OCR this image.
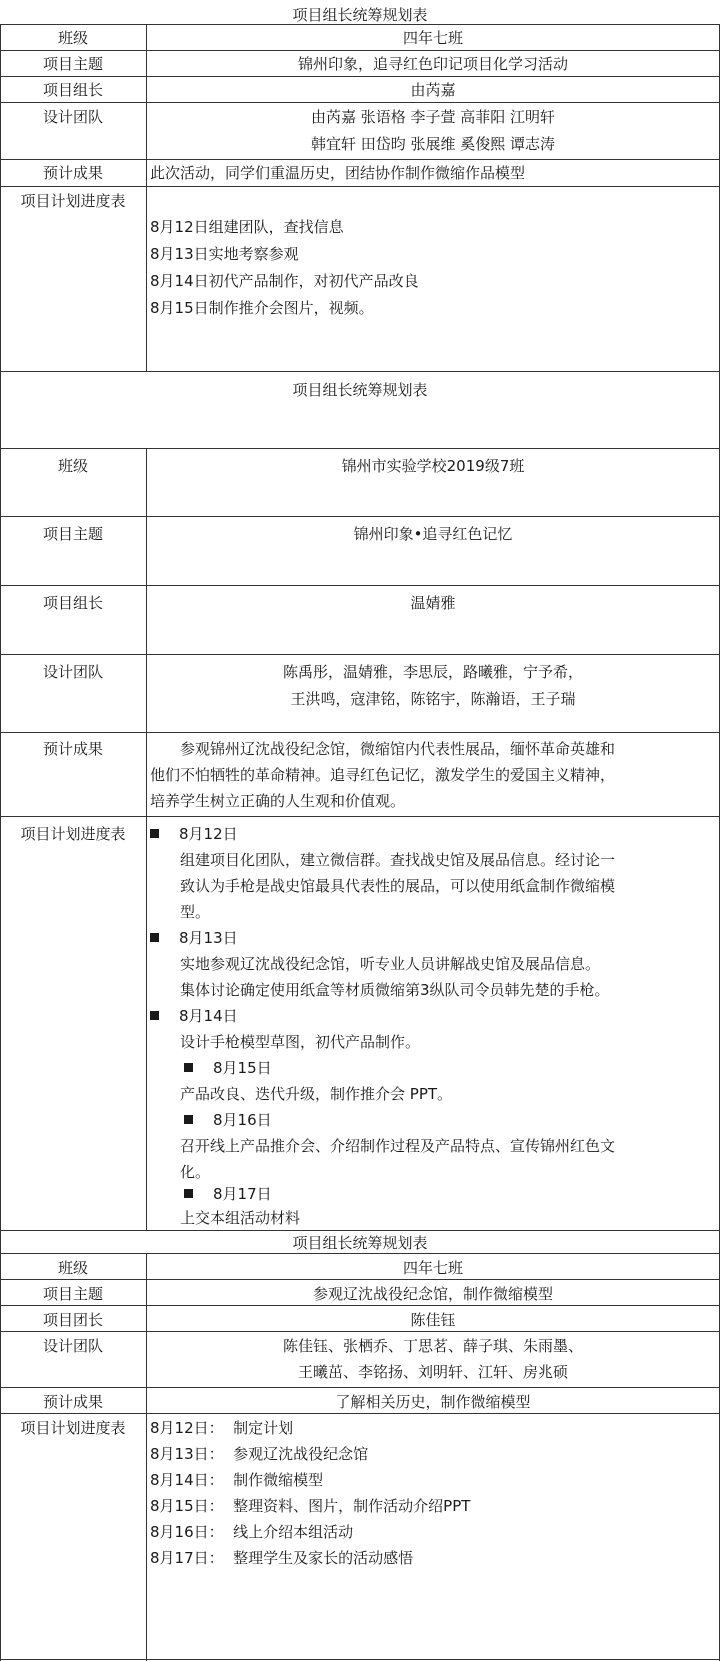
项目组长统筹规划表
班级	四年七班
项目主题	锦州印象，追寻红色印记项目化学习活动
项目组长	由芮嘉
设计团队	由芮嘉 张语格 李子萱 高菲阳 江明轩
韩宜轩 田岱昀 张展维 奚俊熙 谭志涛
预计成果	此次活动，同学们重温历史，团结协作制作微缩作品模型
项目计划进度表
8月12日组建团队，查找信息
8月13日实地考察参观
8月14日初代产品制作，对初代产品改良
8月15日制作推介会图片，视频。
项目组长统筹规划表
班级	锦州市实验学校2019级7班
项目主题	锦州印象•追寻红色记忆
项目组长	温婧雅
设计团队	陈禹彤，温婧雅，李思辰，路曦雅，宁予希，
王洪鸣，寇津铭，陈铭宇，陈瀚语，王子瑞
预计成果	参观锦州辽沈战役纪念馆，微缩馆内代表性展品，缅怀革命英雄和
他们不怕牺牲的革命精神。追寻红色记忆，激发学生的爱国主义精神，
培养学生树立正确的人生观和价值观。
项目计划进度表	8月12日
组建项目化团队，建立微信群。查找战史馆及展品信息。经讨论一
致认为手枪是战史馆最具代表性的展品，可以使用纸盒制作微缩模
型。
8月13日
实地参观辽沈战役纪念馆，听专业人员讲解战史馆及展品信息。
集体讨论确定使用纸盒等材质微缩第3纵队司令员韩先楚的手枪。
8月14日
设计手枪模型草图，初代产品制作。
8月15日
产品改良、迭代升级，制作推介会 PPT。
8月16日
召开线上产品推介会、介绍制作过程及产品特点、宣传锦州红色文
化。
8月17日
上交本组活动材料
项目组长统筹规划表
班级	四年七班
项目主题	参观辽沈战役纪念馆，制作微缩模型
项目团长	陈佳钰
设计团队	陈佳钰、张栖乔、丁思茗、薛子琪、朱雨墨、
王曦茁、李铭扬、刘明轩、江轩、房兆硕
预计成果	了解相关历史，制作微缩模型
项目计划进度表	8月12日：  制定计划
8月13日：  参观辽沈战役纪念馆
8月14日：  制作微缩模型
8月15日：  整理资料、图片，制作活动介绍PPT
8月16日：  线上介绍本组活动
8月17日：  整理学生及家长的活动感悟
